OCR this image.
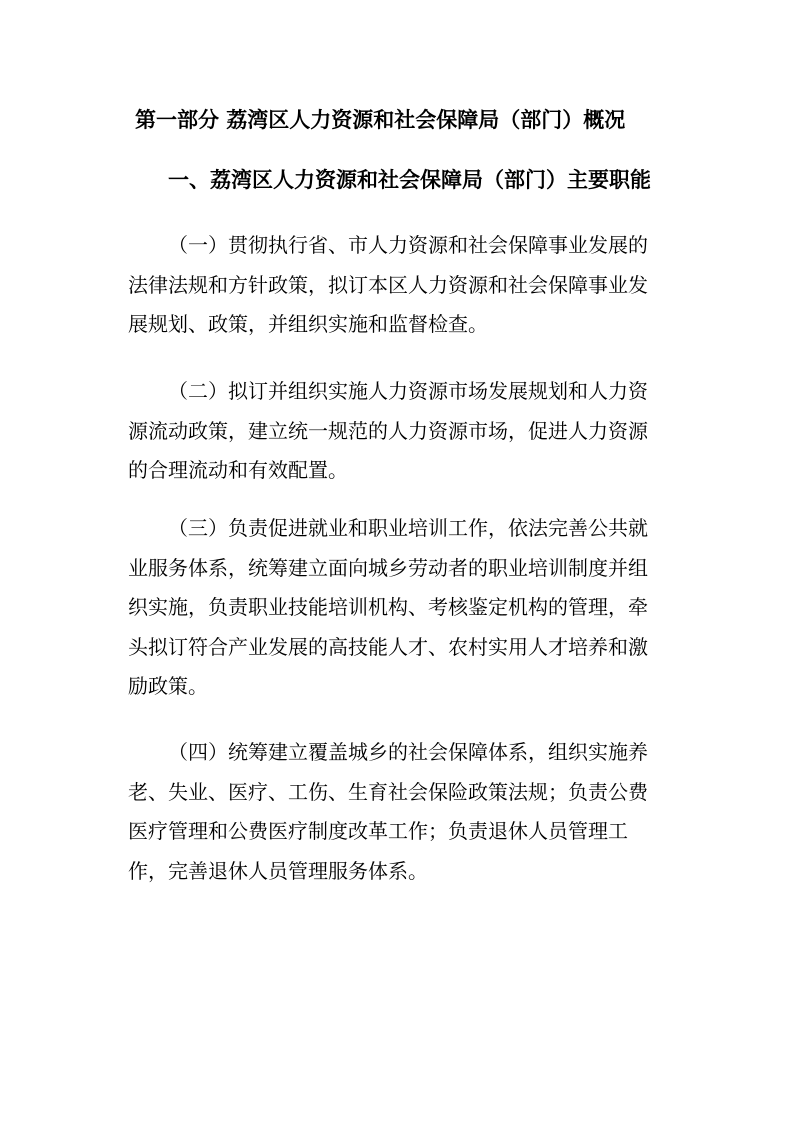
第一部分 荔湾区人力资源和社会保障局（部门）概况
一、荔湾区人力资源和社会保障局（部门）主要职能
（一）贯彻执行省、市人力资源和社会保障事业发展的
法律法规和方针政策，拟订本区人力资源和社会保障事业发
展规划、政策，并组织实施和监督检查。
（二）拟订并组织实施人力资源市场发展规划和人力资
源流动政策，建立统一规范的人力资源市场，促进人力资源
的合理流动和有效配置。
（三）负责促进就业和职业培训工作，依法完善公共就
业服务体系，统筹建立面向城乡劳动者的职业培训制度并组
织实施，负责职业技能培训机构、考核鉴定机构的管理，牵
头拟订符合产业发展的高技能人才、农村实用人才培养和激
励政策。
（四）统筹建立覆盖城乡的社会保障体系，组织实施养
老、失业、医疗、工伤、生育社会保险政策法规；负责公费
医疗管理和公费医疗制度改革工作；负责退休人员管理工
作，完善退休人员管理服务体系。
